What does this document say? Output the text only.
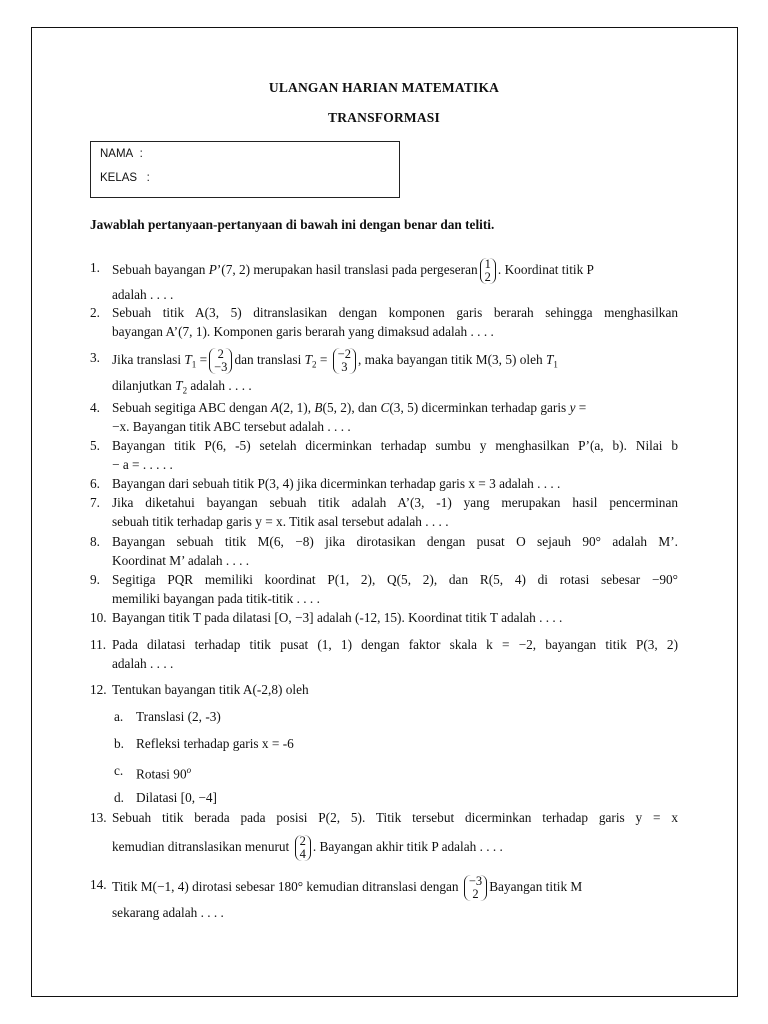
ULANGAN HARIAN MATEMATIKA
TRANSFORMASI
NAMA :
KELAS :
Jawablah pertanyaan-pertanyaan di bawah ini dengan benar dan teliti.
1. Sebuah bayangan P’(7, 2) merupakan hasil translasi pada pergeseran 1
2 . Koordinat titik P
adalah . . . .
2. Sebuah titik A(3, 5) ditranslasikan dengan komponen garis berarah sehingga menghasilkan
bayangan A’(7, 1). Komponen garis berarah yang dimaksud adalah . . . .
3. Jika translasi $T_1 = 2$
−3 dan translasi $T_2 = -2$
3 , maka bayangan titik M(3, 5) oleh $T_1$
dilanjutkan $T_2$ adalah . . . .
4. Sebuah segitiga ABC dengan A(2, 1), B(5, 2), dan C(3, 5) dicerminkan terhadap garis y =
−x. Bayangan titik ABC tersebut adalah . . . .
5. Bayangan titik P(6, -5) setelah dicerminkan terhadap sumbu y menghasilkan P’(a, b). Nilai b
− a = . . . . .
6. Bayangan dari sebuah titik P(3, 4) jika dicerminkan terhadap garis x = 3 adalah . . . .
7. Jika diketahui bayangan sebuah titik adalah A’(3, -1) yang merupakan hasil pencerminan
sebuah titik terhadap garis y = x. Titik asal tersebut adalah . . . .
8. Bayangan sebuah titik M(6, −8) jika dirotasikan dengan pusat O sejauh 90° adalah M’.
Koordinat M’ adalah . . . .
9. Segitiga PQR memiliki koordinat P(1, 2), Q(5, 2), dan R(5, 4) di rotasi sebesar −90°
memiliki bayangan pada titik-titik . . . .
10. Bayangan titik T pada dilatasi [O, −3] adalah (-12, 15). Koordinat titik T adalah . . . .
11. Pada dilatasi terhadap titik pusat (1, 1) dengan faktor skala k = −2, bayangan titik P(3, 2)
adalah . . . .
12. Tentukan bayangan titik A(-2,8) oleh
a. Translasi (2, -3)
b. Refleksi terhadap garis x = -6
c. Rotasi 90$^o$
d. Dilatasi [0, −4]
13. Sebuah titik berada pada posisi P(2, 5). Titik tersebut dicerminkan terhadap garis y = x
kemudian ditranslasikan menurut 2
4 . Bayangan akhir titik P adalah . . . .
14. Titik M(−1, 4) dirotasi sebesar 180° kemudian ditranslasi dengan −3
2 Bayangan titik M
sekarang adalah . . . .
